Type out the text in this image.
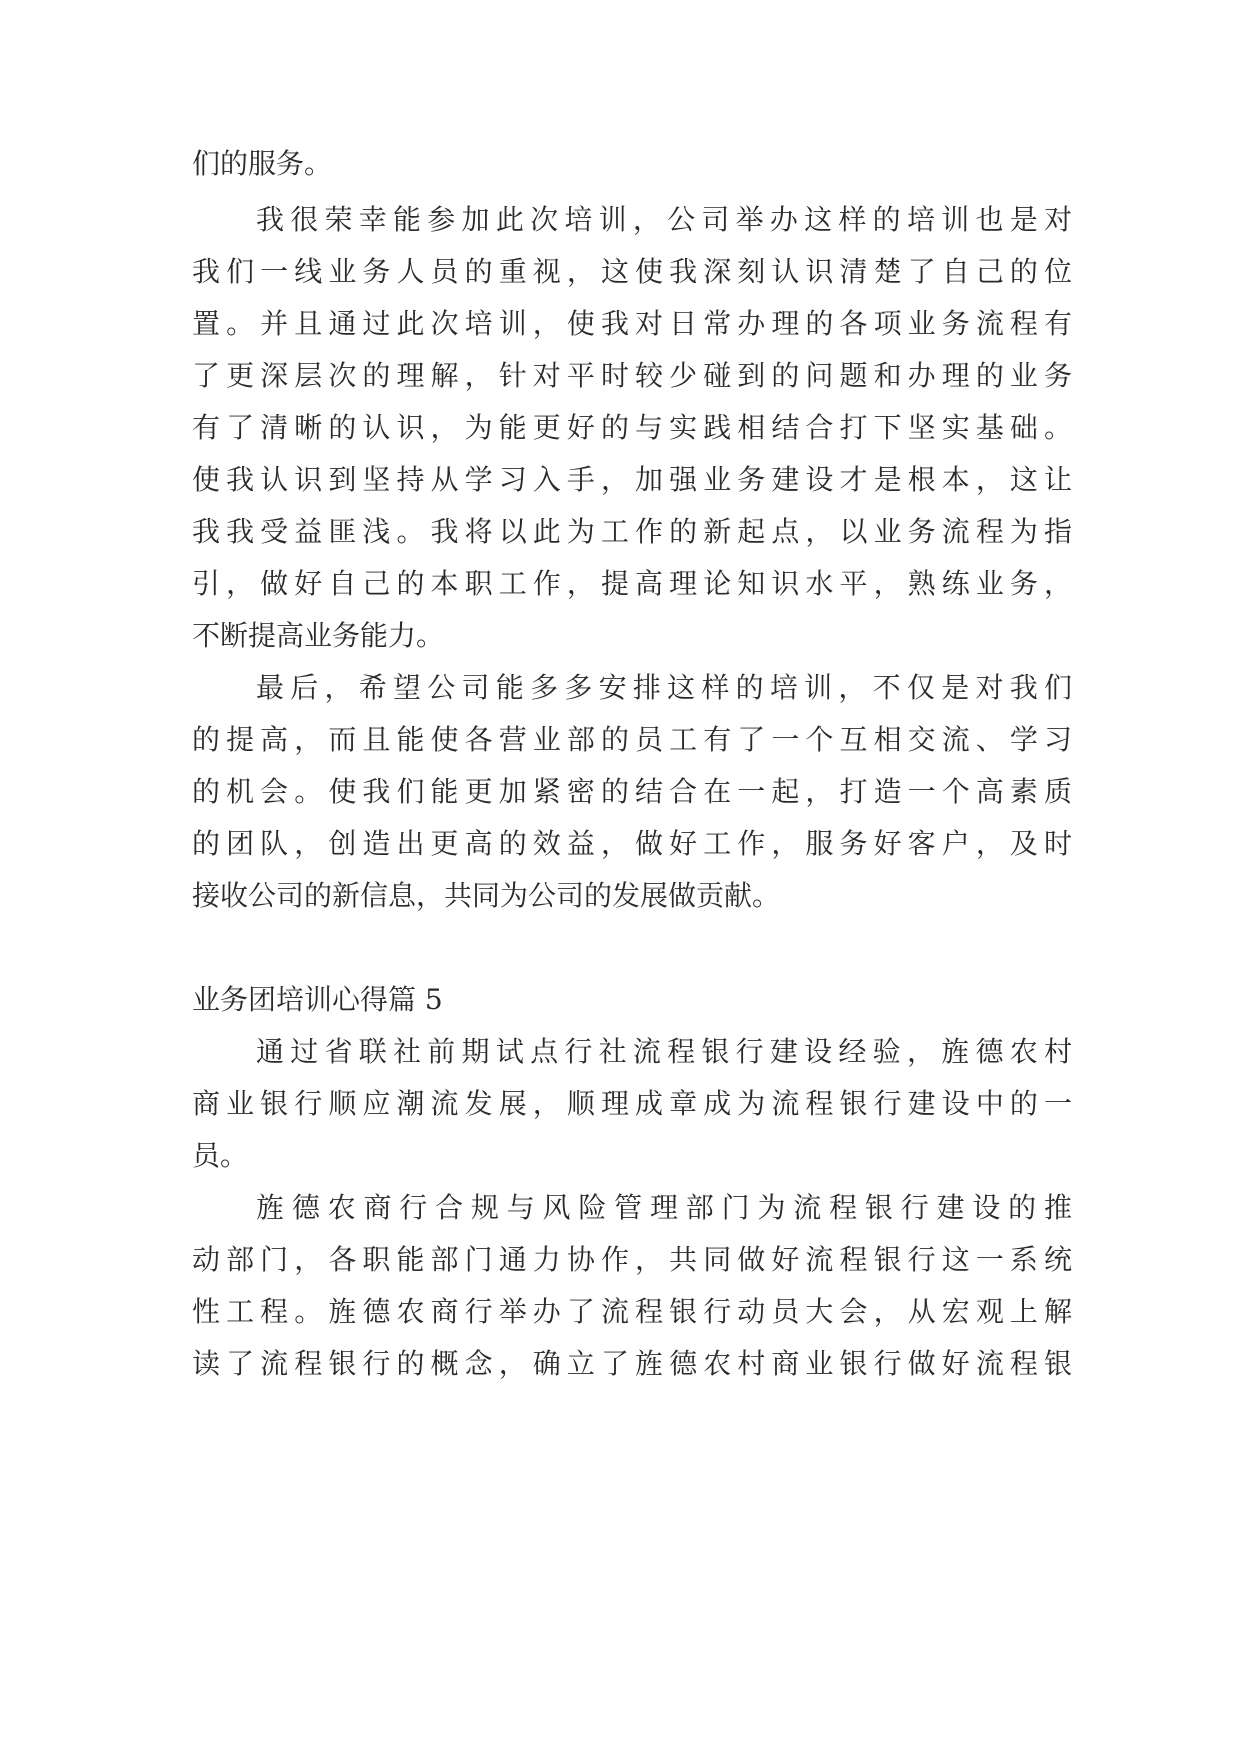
们的服务。
我很荣幸能参加此次培训，公司举办这样的培训也是对
我们一线业务人员的重视，这使我深刻认识清楚了自己的位
置。并且通过此次培训，使我对日常办理的各项业务流程有
了更深层次的理解，针对平时较少碰到的问题和办理的业务
有了清晰的认识，为能更好的与实践相结合打下坚实基础。
使我认识到坚持从学习入手，加强业务建设才是根本，这让
我我受益匪浅。我将以此为工作的新起点，以业务流程为指
引，做好自己的本职工作，提高理论知识水平，熟练业务，
不断提高业务能力。
最后，希望公司能多多安排这样的培训，不仅是对我们
的提高，而且能使各营业部的员工有了一个互相交流、学习
的机会。使我们能更加紧密的结合在一起，打造一个高素质
的团队，创造出更高的效益，做好工作，服务好客户，及时
接收公司的新信息，共同为公司的发展做贡献。
业务团培训心得篇 5
通过省联社前期试点行社流程银行建设经验，旌德农村
商业银行顺应潮流发展，顺理成章成为流程银行建设中的一
员。
旌德农商行合规与风险管理部门为流程银行建设的推
动部门，各职能部门通力协作，共同做好流程银行这一系统
性工程。旌德农商行举办了流程银行动员大会，从宏观上解
读了流程银行的概念，确立了旌德农村商业银行做好流程银
